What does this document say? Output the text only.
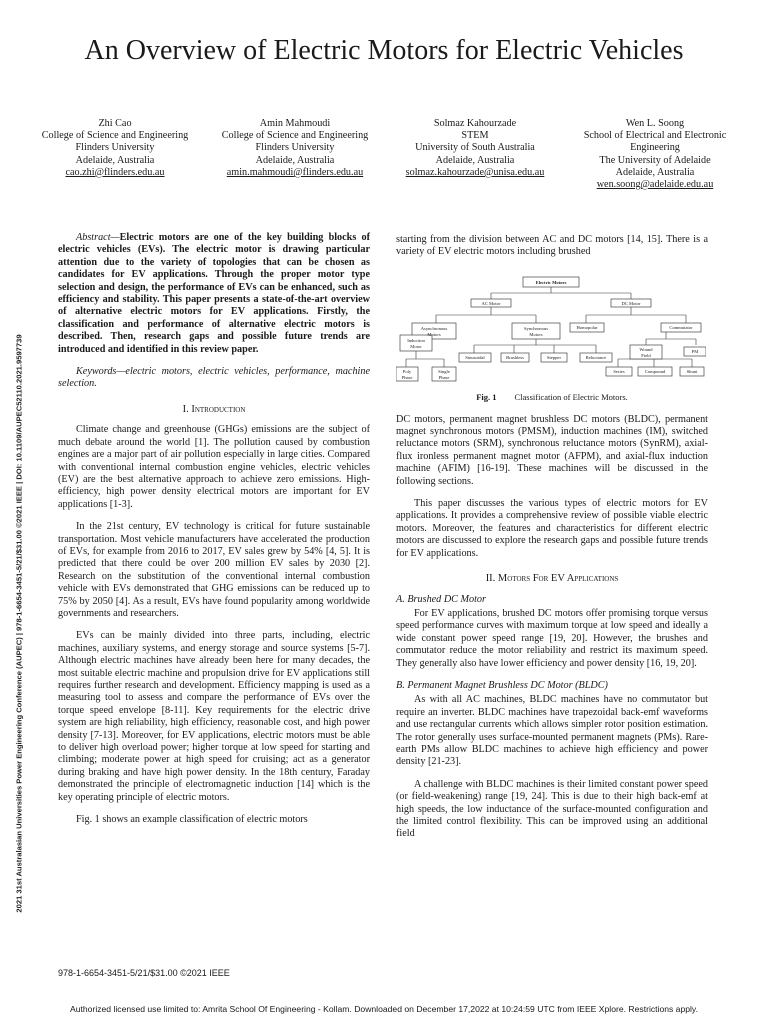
An Overview of Electric Motors for Electric Vehicles
Zhi Cao
College of Science and Engineering
Flinders University
Adelaide, Australia
cao.zhi@flinders.edu.au
Amin Mahmoudi
College of Science and Engineering
Flinders University
Adelaide, Australia
amin.mahmoudi@flinders.edu.au
Solmaz Kahourzade
STEM
University of South Australia
Adelaide, Australia
solmaz.kahourzade@unisa.edu.au
Wen L. Soong
School of Electrical and Electronic Engineering
The University of Adelaide
Adelaide, Australia
wen.soong@adelaide.edu.au

Abstract—Electric motors are one of the key building blocks of electric vehicles (EVs). The electric motor is drawing particular attention due to the variety of topologies that can be chosen as candidates for EV applications. Through the proper motor type selection and design, the performance of EVs can be enhanced, such as efficiency and stability. This paper presents a state-of-the-art overview of alternative electric motors for EV applications. Firstly, the classification and performance of alternative electric motors is described. Then, research gaps and possible future trends are introduced and identified in this review paper.

Keywords—electric motors, electric vehicles, performance, machine selection.

I. Introduction

Climate change and greenhouse (GHGs) emissions are the subject of much debate around the world [1]. The pollution caused by combustion engines are a major part of air pollution especially in large cities. Compared with conventional internal combustion engine vehicles, electric vehicles (EV) are the best alternative approach to achieve zero emissions. High-efficiency, high power density electrical motors are important for EV applications [1-3].

In the 21st century, EV technology is critical for future sustainable transportation. Most vehicle manufacturers have accelerated the production of EVs, for example from 2016 to 2017, EV sales grew by 54% [4, 5]. It is predicted that there could be over 200 million EV sales by 2030 [2]. Research on the substitution of the conventional internal combustion vehicle with EVs demonstrated that GHG emissions can be reduced up to 75% by 2050 [4]. As a result, EVs have found popularity among worldwide governments and researchers.

EVs can be mainly divided into three parts, including, electric machines, auxiliary systems, and energy storage and source systems [5-7]. Although electric machines have already been here for many decades, the most suitable electric machine and propulsion drive for EV applications still requires further research and development. Efficiency mapping is used as a measuring tool to assess and compare the performance of EVs over the torque speed envelope [8-11]. Key requirements for the electric drive system are high reliability, high efficiency, reasonable cost, and high power density [7-13]. Moreover, for EV applications, electric motors must be able to deliver high overload power; higher torque at low speed for starting and climbing; moderate power at high speed for cruising; act as a generator during braking and have high power density. In the 18th century, Faraday demonstrated the principle of electromagnetic induction [14] which is the key operating principle of electric motors.

Fig. 1 shows an example classification of electric motors

starting from the division between AC and DC motors [14, 15]. There is a variety of EV electric motors including brushed

Electric Motors
AC Motor	DC Motor
Asynchronous
Motors
Synchronous
Motors
Homopolar	Commutator
Induction
Motor
Sinusoidal	Brushless	Stepper	Reluctance
Poly
Phase
Single
Phase
Wound
Field
PM
Series	Compound	Shunt
Fig. 1 Classification of Electric Motors.

DC motors, permanent magnet brushless DC motors (BLDC), permanent magnet synchronous motors (PMSM), induction machines (IM), switched reluctance motors (SRM), synchronous reluctance motors (SynRM), axial-flux ironless permanent magnet motor (AFPM), and axial-flux induction machine (AFIM) [16-19]. These machines will be discussed in the following sections.

This paper discusses the various types of electric motors for EV applications. It provides a comprehensive review of possible viable electric motors. Moreover, the features and characteristics for different electric motors are discussed to explore the research gaps and possible future trends for EV applications.

II. Motors For EV Applications
A. Brushed DC Motor

For EV applications, brushed DC motors offer promising torque versus speed performance curves with maximum torque at low speed and ideally a wide constant power speed range [19, 20]. However, the brushes and commutator reduce the motor reliability and restrict its maximum speed. They generally also have lower efficiency and power density [16, 19, 20].

B. Permanent Magnet Brushless DC Motor (BLDC)

As with all AC machines, BLDC machines have no commutator but require an inverter. BLDC machines have trapezoidal back-emf waveforms and use rectangular currents which allows simpler rotor position estimation. The rotor generally uses surface-mounted permanent magnets (PMs). Rare-earth PMs allow BLDC machines to achieve high efficiency and power density [21-23].

A challenge with BLDC machines is their limited constant power speed (or field-weakening) range [19, 24]. This is due to their high back-emf at high speeds, the low inductance of the surface-mounted configuration and the limited control flexibility. This can be improved using an additional field

2021 31st Australasian Universities Power Engineering Conference (AUPEC) | 978-1-6654-3451-5/21/$31.00 ©2021 IEEE | DOI: 10.1109/AUPEC52110.2021.9597739
978-1-6654-3451-5/21/$31.00 ©2021 IEEE
Authorized licensed use limited to: Amrita School Of Engineering - Kollam. Downloaded on December 17,2022 at 10:24:59 UTC from IEEE Xplore. Restrictions apply.
